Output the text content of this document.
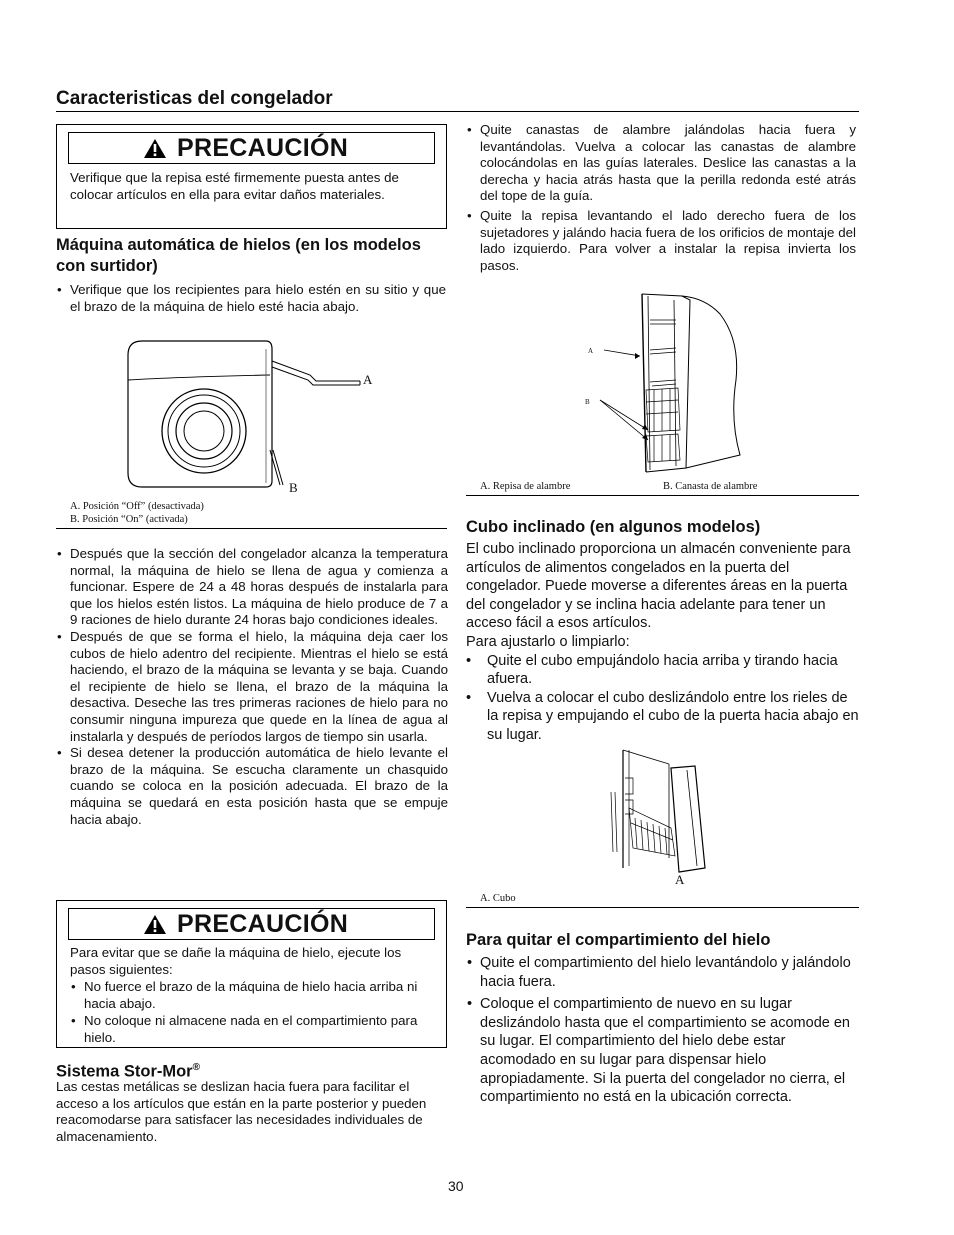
Caracteristicas del congelador
PRECAUCIÓN
Verifique que la repisa esté firmemente puesta antes de colocar artículos en ella para evitar daños materiales.
Máquina automática de hielos (en los modelos con surtidor)
• Verifique que los recipientes para hielo estén en su sitio y que el brazo de la máquina de hielo esté hacia abajo.
A
B
A. Posición “Off” (desactivada)
B. Posición “On” (activada)
• Después que la sección del congelador alcanza la temperatura normal, la máquina de hielo se llena de agua y comienza a funcionar. Espere de 24 a 48 horas después de instalarla para que los hielos estén listos. La máquina de hielo produce de 7 a 9 raciones de hielo durante 24 horas bajo condiciones ideales.
• Después de que se forma el hielo, la máquina deja caer los cubos de hielo adentro del recipiente. Mientras el hielo se está haciendo, el brazo de la máquina se levanta y se baja. Cuando el recipiente de hielo se llena, el brazo de la máquina la desactiva. Deseche las tres primeras raciones de hielo para no consumir ninguna impureza que quede en la línea de agua al instalarla y después de períodos largos de tiempo sin usarla.
• Si desea detener la producción automática de hielo levante el brazo de la máquina. Se escucha claramente un chasquido cuando se coloca en la posición adecuada. El brazo de la máquina se quedará en esta posición hasta que se empuje hacia abajo.
PRECAUCIÓN
Para evitar que se dañe la máquina de hielo, ejecute los pasos siguientes:
• No fuerce el brazo de la máquina de hielo hacia arriba ni hacia abajo.
• No coloque ni almacene nada en el compartimiento para hielo.
Sistema Stor-Mor®
Las cestas metálicas se deslizan hacia fuera para facilitar el acceso a los artículos que están en la parte posterior y pueden reacomodarse para satisfacer las necesidades individuales de almacenamiento.
• Quite canastas de alambre jalándolas hacia fuera y levantándolas. Vuelva a colocar las canastas de alambre colocándolas en las guías laterales. Deslice las canastas a la derecha y hacia atrás hasta que la perilla redonda esté atrás del tope de la guía.
• Quite la repisa levantando el lado derecho fuera de los sujetadores y jalándo hacia fuera de los orificios de montaje del lado izquierdo. Para volver a instalar la repisa invierta los pasos.
A
B
A. Repisa de alambre	B. Canasta de alambre
Cubo inclinado (en algunos modelos)
El cubo inclinado proporciona un almacén conveniente para artículos de alimentos congelados en la puerta del congelador. Puede moverse a diferentes áreas en la puerta del congelador y se inclina hacia adelante para tener un acceso fácil a esos artículos.
Para ajustarlo o limpiarlo:
• Quite el cubo empujándolo hacia arriba y tirando hacia afuera.
• Vuelva a colocar el cubo deslizándolo entre los rieles de la repisa y empujando el cubo de la puerta hacia abajo en su lugar.
A
A. Cubo
Para quitar el compartimiento del hielo
• Quite el compartimiento del hielo levantándolo y jalándolo hacia fuera.
• Coloque el compartimiento de nuevo en su lugar deslizándolo hasta que el compartimiento se acomode en su lugar. El compartimiento del hielo debe estar acomodado en su lugar para dispensar hielo apropiadamente. Si la puerta del congelador no cierra, el compartimiento no está en la ubicación correcta.
30
